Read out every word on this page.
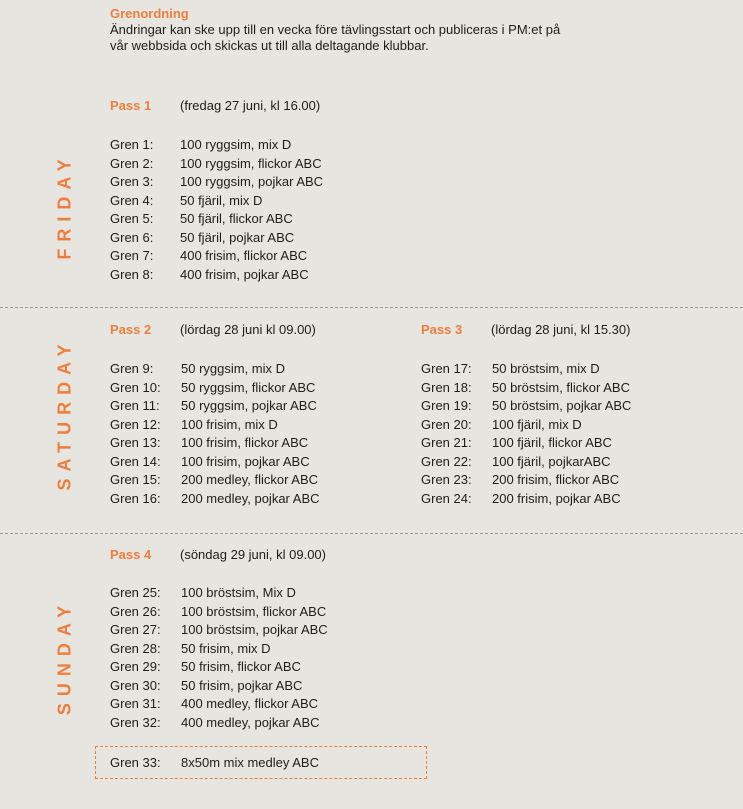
Grenordning
Ändringar kan ske upp till en vecka före tävlingsstart och publiceras i PM:et på
vår webbsida och skickas ut till alla deltagande klubbar.
FRIDAY
SATURDAY
SUNDAY
Pass 1 (fredag 27 juni, kl 16.00)
Gren 1: 100 ryggsim, mix D
Gren 2: 100 ryggsim, flickor ABC
Gren 3: 100 ryggsim, pojkar ABC
Gren 4: 50 fjäril, mix D
Gren 5: 50 fjäril, flickor ABC
Gren 6: 50 fjäril, pojkar ABC
Gren 7: 400 frisim, flickor ABC
Gren 8: 400 frisim, pojkar ABC
Pass 2 (lördag 28 juni kl 09.00)
Gren 9: 50 ryggsim, mix D
Gren 10: 50 ryggsim, flickor ABC
Gren 11: 50 ryggsim, pojkar ABC
Gren 12: 100 frisim, mix D
Gren 13: 100 frisim, flickor ABC
Gren 14: 100 frisim, pojkar ABC
Gren 15: 200 medley, flickor ABC
Gren 16: 200 medley, pojkar ABC
Pass 3 (lördag 28 juni, kl 15.30)
Gren 17: 50 bröstsim, mix D
Gren 18: 50 bröstsim, flickor ABC
Gren 19: 50 bröstsim, pojkar ABC
Gren 20: 100 fjäril, mix D
Gren 21: 100 fjäril, flickor ABC
Gren 22: 100 fjäril, pojkarABC
Gren 23: 200 frisim, flickor ABC
Gren 24: 200 frisim, pojkar ABC
Pass 4 (söndag 29 juni, kl 09.00)
Gren 25: 100 bröstsim, Mix D
Gren 26: 100 bröstsim, flickor ABC
Gren 27: 100 bröstsim, pojkar ABC
Gren 28: 50 frisim, mix D
Gren 29: 50 frisim, flickor ABC
Gren 30: 50 frisim, pojkar ABC
Gren 31: 400 medley, flickor ABC
Gren 32: 400 medley, pojkar ABC
Gren 33: 8x50m mix medley ABC
